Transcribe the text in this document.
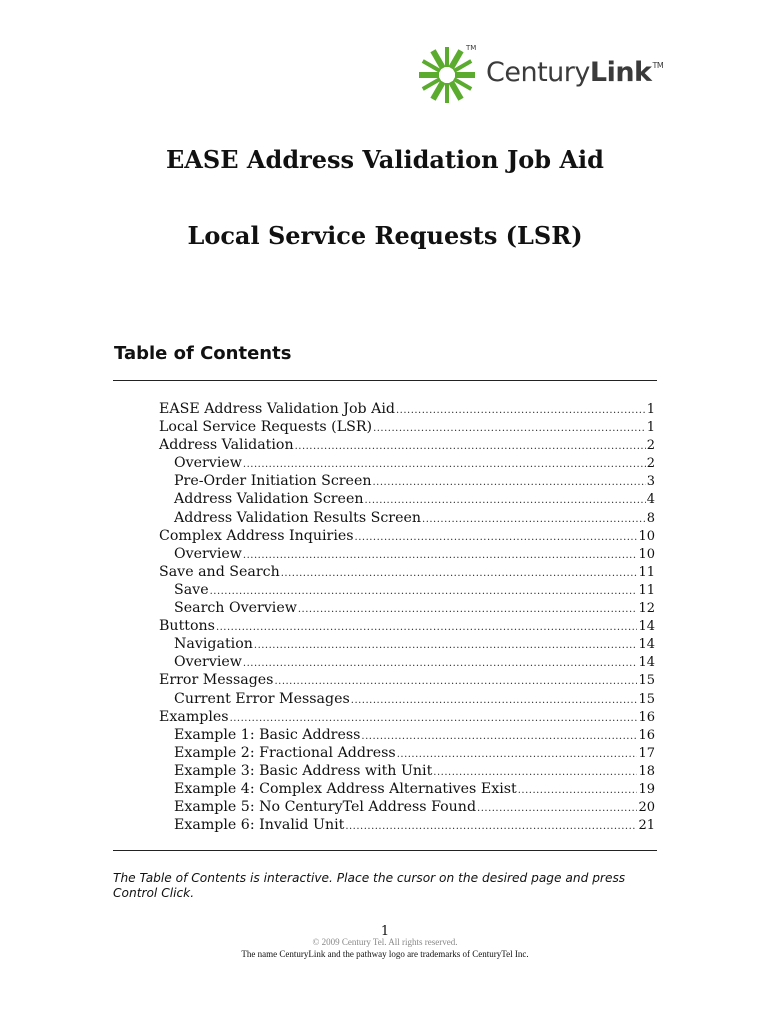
TM
CenturyLink™
EASE Address Validation Job Aid
Local Service Requests (LSR)
Table of Contents
EASE Address Validation Job Aid .....	1
Local Service Requests (LSR) .....	1
Address Validation .....	2
Overview .....	2
Pre-Order Initiation Screen .....	3
Address Validation Screen .....	4
Address Validation Results Screen .....	8
Complex Address Inquiries .....	10
Overview .....	10
Save and Search .....	11
Save .....	11
Search Overview .....	12
Buttons .....	14
Navigation .....	14
Overview .....	14
Error Messages .....	15
Current Error Messages .....	15
Examples .....	16
Example 1: Basic Address .....	16
Example 2: Fractional Address .....	17
Example 3: Basic Address with Unit .....	18
Example 4: Complex Address Alternatives Exist .....	19
Example 5: No CenturyTel Address Found .....	20
Example 6: Invalid Unit .....	21
The Table of Contents is interactive. Place the cursor on the desired page and press Control Click.
1
© 2009 Century Tel. All rights reserved.
The name CenturyLink and the pathway logo are trademarks of CenturyTel Inc.
